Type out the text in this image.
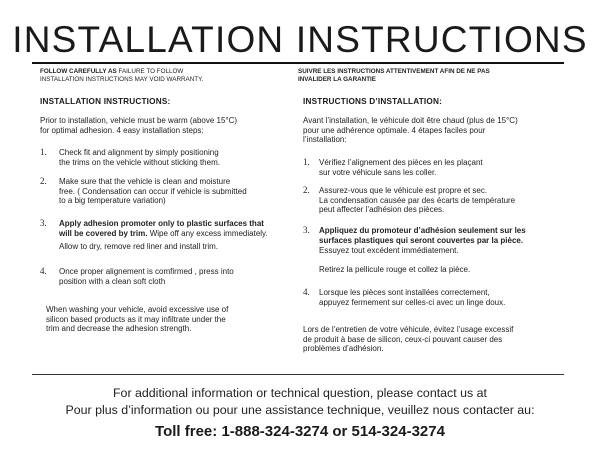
INSTALLATION INSTRUCTIONS
FOLLOW CAREFULLY AS FAILURE TO FOLLOW
INSTALLATION INSTRUCTIONS MAY VOID WARRANTY.
SUIVRE LES INSTRUCTIONS ATTENTIVEMENT AFIN DE NE PAS
INVALIDER LA GARANTIE
INSTALLATION INSTRUCTIONS:
Prior to installation, vehicle must be warm (above 15°C)
for optimal adhesion. 4 easy installation steps:
1. Check fit and alignment by simply positioning
the trims on the vehicle without sticking them.
2. Make sure that the vehicle is clean and moisture
free. ( Condensation can occur if vehicle is submitted
to a big temperature variation)
3. Apply adhesion promoter only to plastic surfaces that
will be covered by trim. Wipe off any excess immediately.
Allow to dry, remove red liner and install trim.
4. Once proper alignement is comfirmed , press into
position with a clean soft cloth
When washing your vehicle, avoid excessive use of
silicon based products as it may infiltrate under the
trim and decrease the adhesion strength.
INSTRUCTIONS D’INSTALLATION:
Avant l’installation, le véhicule doit être chaud (plus de 15°C)
pour une adhérence optimale. 4 étapes faciles pour
l’installation:
1. Vérifiez l’alignement des pièces en les plaçant
sur votre véhicule sans les coller.
2. Assurez-vous que le véhicule est propre et sec.
La condensation causée par des écarts de température
peut affecter l’adhésion des pièces.
3. Appliquez du promoteur d’adhésion seulement sur les
surfaces plastiques qui seront couvertes par la pièce.
Essuyez tout excédent immédiatement.
Retirez la pellicule rouge et collez la pièce.
4. Lorsque les pièces sont installées correctement,
appuyez fermement sur celles-ci avec un linge doux.
Lors de l’entretien de votre véhicule, évitez l’usage excessif
de produit à base de silicon, ceux-ci pouvant causer des
problèmes d’adhésion.
For additional information or technical question, please contact us at
Pour plus d’information ou pour une assistance technique, veuillez nous contacter au:
Toll free: 1-888-324-3274 or 514-324-3274
